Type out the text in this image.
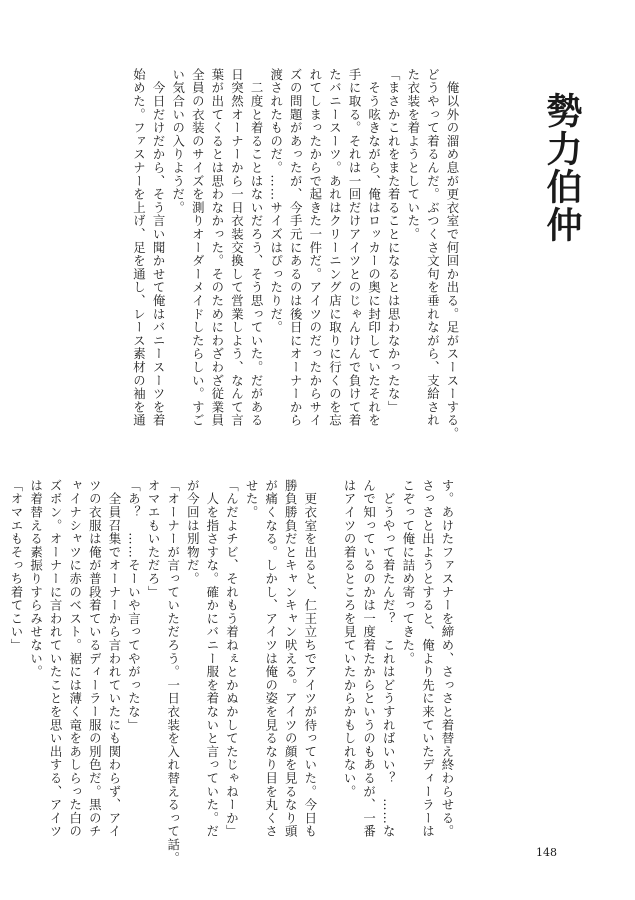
勢力伯仲
　俺以外の溜め息が更衣室で何回か出る。足がスースーする。
どうやって着るんだ。ぶつくさ文句を垂れながら、支給され
た衣装を着ようとしていた。
「まさかこれをまた着ることになるとは思わなかったな」
　そう呟きながら、俺はロッカーの奥に封印していたそれを
手に取る。それは一回だけアイツとのじゃんけんで負けて着
たバニースーツ。あれはクリーニング店に取りに行くのを忘
れてしまったからで起きた一件だ。アイツのだったからサイ
ズの問題があったが、今手元にあるのは後日にオーナーから
渡されたものだ。……サイズはぴったりだ。
　二度と着ることはないだろう、そう思っていた。だがある
日突然オーナーから一日衣装交換して営業しよう、なんて言
葉が出てくるとは思わなかった。そのためにわざわざ従業員
全員の衣装のサイズを測りオーダーメイドしたらしい。すご
い気合いの入りようだ。
　今日だけだから、そう言い聞かせて俺はバニースーツを着
始めた。ファスナーを上げ、足を通し、レース素材の袖を通
す。あけたファスナーを締め、さっさと着替え終わらせる。
さっさと出ようとすると、俺より先に来ていたディーラーは
こぞって俺に詰め寄ってきた。
　どうやって着たんだ？　これはどうすればいい？　……な
んで知っているのかは一度着たからというのもあるが、一番
はアイツの着るところを見ていたからかもしれない。
　更衣室を出ると、仁王立ちでアイツが待っていた。今日も
勝負勝負だとキャンキャン吠える。アイツの顔を見るなり頭
が痛くなる。しかし、アイツは俺の姿を見るなり目を丸くさ
せた。
「んだよチビ、それもう着ねぇとかぬかしてたじゃねーか」
　人を指さすな。確かにバニー服を着ないと言っていた。だ
が今回は別物だ。
「オーナーが言っていただろう。一日衣装を入れ替えるって話。
オマエもいただろ」
「あ？　……そーいや言ってやがったな」
　全員召集でオーナーから言われていたにも関わらず、アイ
ツの衣服は俺が普段着ているディーラー服の別色だ。黒のチ
ャイナシャツに赤のベスト。裾には薄く竜をあしらった白の
ズボン。オーナーに言われていたことを思い出する、アイツ
は着替える素振りすらみせない。
「オマエもそっち着てこい」
148
